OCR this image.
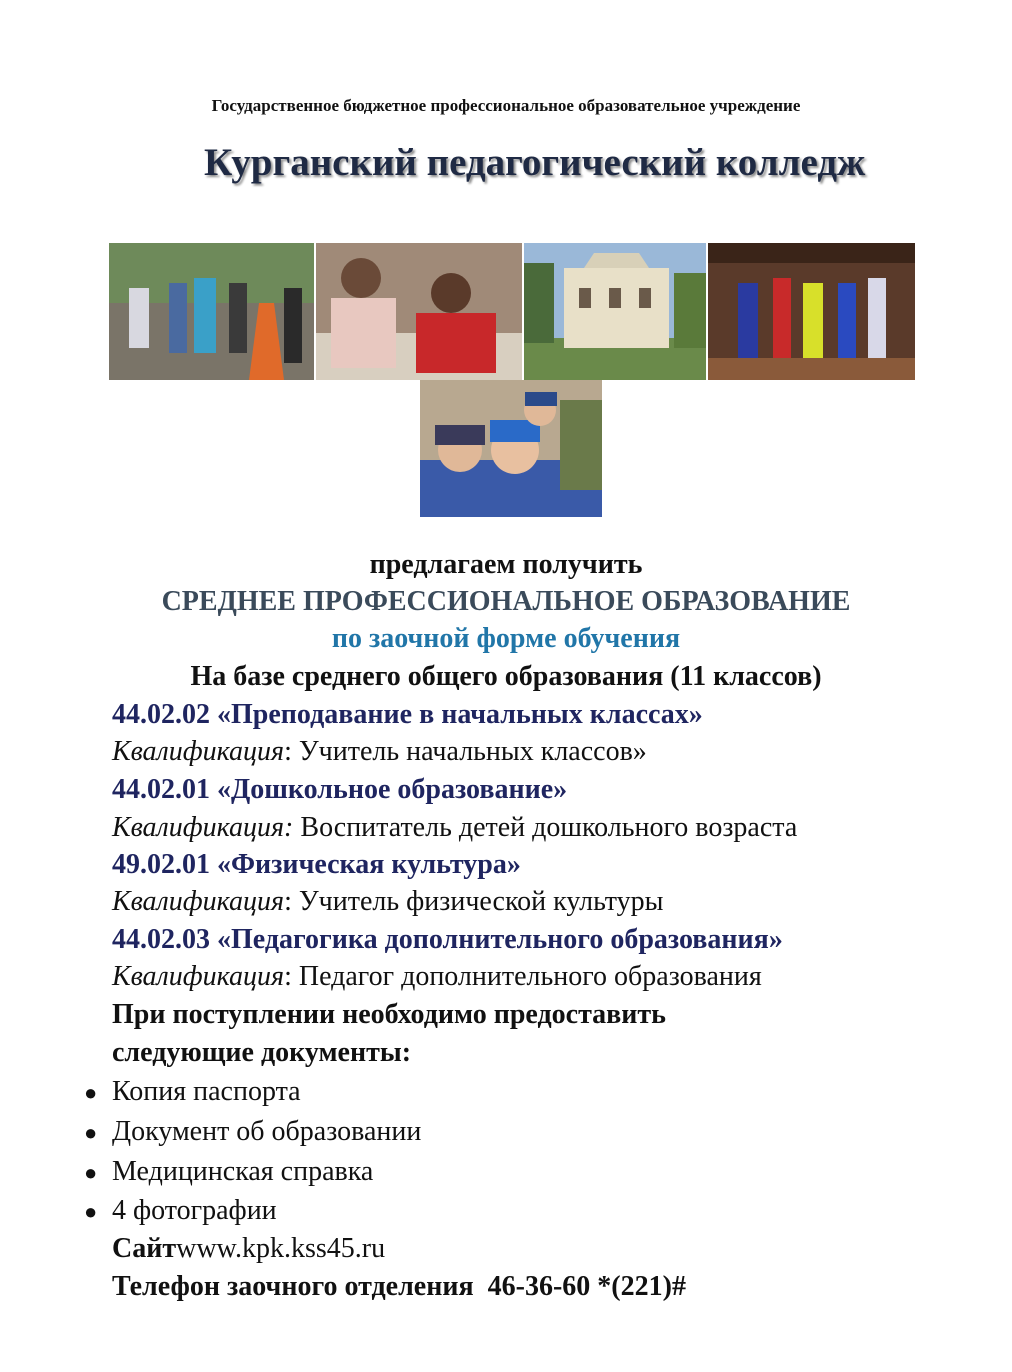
Государственное бюджетное профессиональное образовательное учреждение
Курганский педагогический колледж
предлагаем получить
СРЕДНЕЕ ПРОФЕССИОНАЛЬНОЕ ОБРАЗОВАНИЕ
по заочной форме обучения
На базе среднего общего образования (11 классов)
44.02.02 «Преподавание в начальных классах»
Квалификация: Учитель начальных классов»
44.02.01 «Дошкольное образование»
Квалификация: Воспитатель детей дошкольного возраста
49.02.01 «Физическая культура»
Квалификация: Учитель физической культуры
44.02.03 «Педагогика дополнительного образования»
Квалификация: Педагог дополнительного образования
При поступлении необходимо предоставить
следующие документы:
● Копия паспорта
● Документ об образовании
● Медицинская справка
● 4 фотографии
Сайтwww.kpk.kss45.ru
Телефон заочного отделения 46-36-60 *(221)#
